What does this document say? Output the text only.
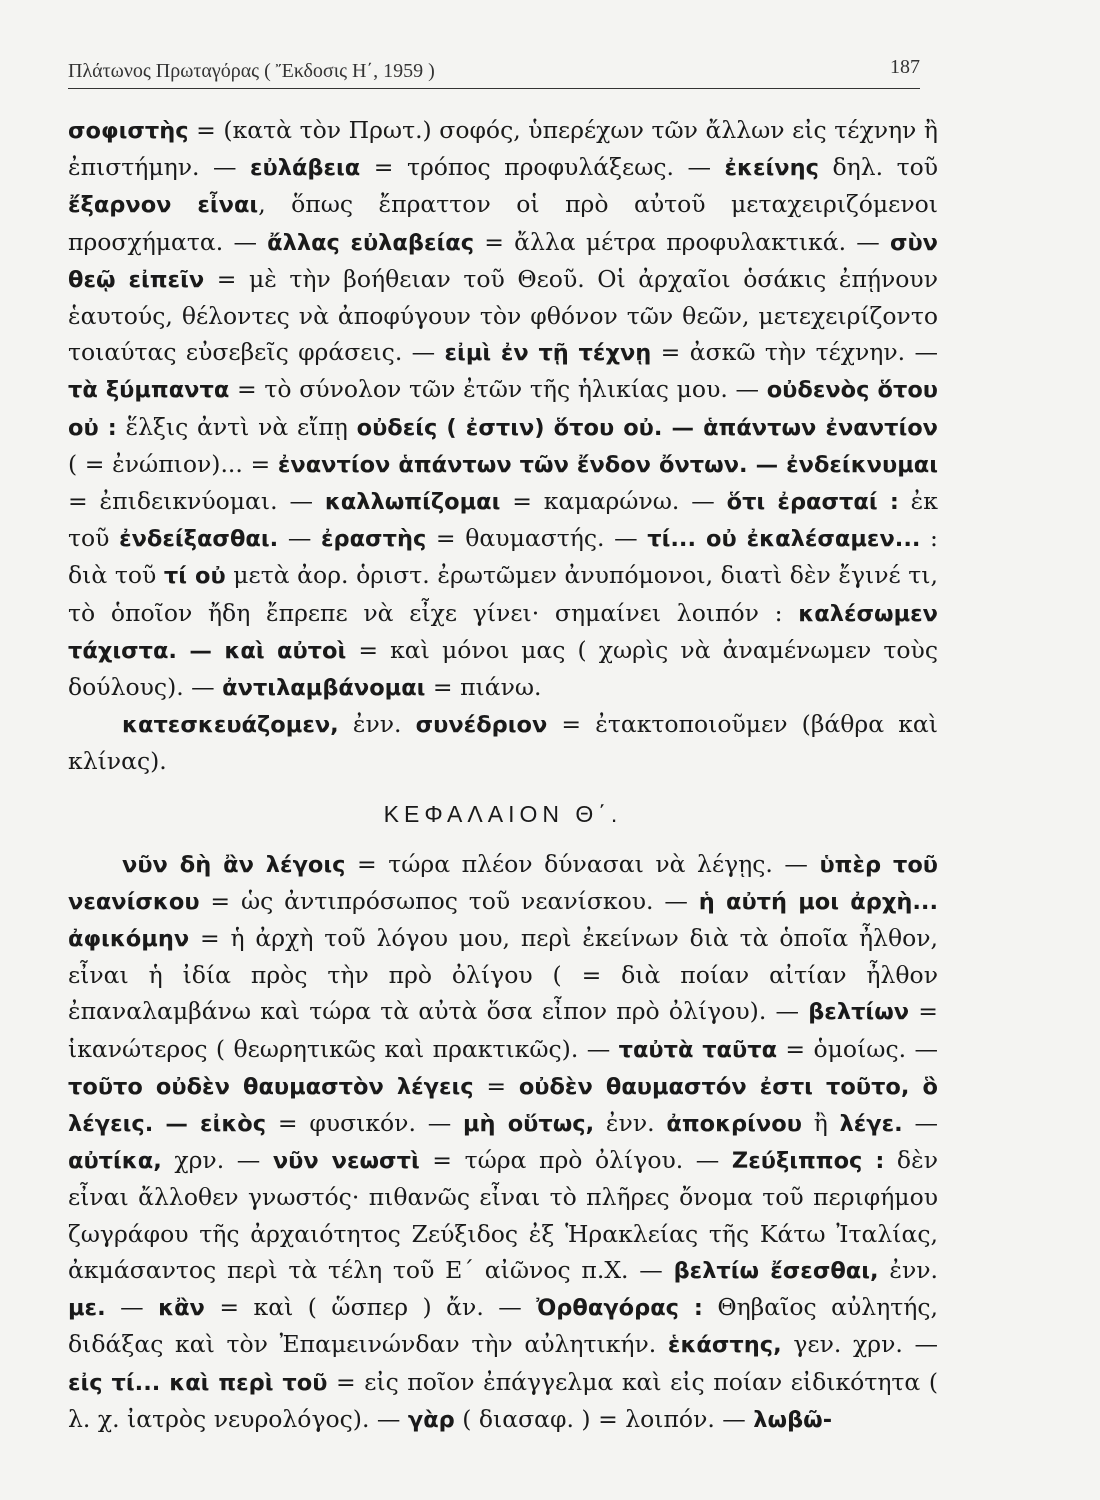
Πλάτωνος Πρωταγόρας ( Ἔκδοσις Η΄, 1959 )	187

σοφιστὴς = (κατὰ τὸν Πρωτ.) σοφός, ὑπερέχων τῶν ἄλλων εἰς τέχνην ἢ ἐπιστήμην. — εὐλάβεια = τρόπος προφυλάξεως. — ἐκείνης δηλ. τοῦ ἔξαρνον εἶναι, ὅπως ἔπραττον οἱ πρὸ αὐτοῦ μεταχειριζόμενοι προσχήματα. — ἄλλας εὐλαβείας = ἄλλα μέτρα προφυλακτικά. — σὺν θεῷ εἰπεῖν = μὲ τὴν βοήθειαν τοῦ Θεοῦ. Οἱ ἀρχαῖοι ὁσάκις ἐπῄνουν ἑαυτούς, θέλοντες νὰ ἀποφύγουν τὸν φθόνον τῶν θεῶν, μετεχειρίζοντο τοιαύτας εὐσεβεῖς φράσεις. — εἰμὶ ἐν τῇ τέχνῃ = ἀσκῶ τὴν τέχνην. — τὰ ξύμπαντα = τὸ σύνολον τῶν ἐτῶν τῆς ἡλικίας μου. — οὐδενὸς ὅτου οὐ : ἕλξις ἀντὶ νὰ εἴπῃ οὐδείς ( ἐστιν) ὅτου οὐ. — ἁπάντων ἐναντίον ( = ἐνώπιον)... = ἐναντίον ἁπάντων τῶν ἔνδον ὄντων. — ἐνδείκνυμαι = ἐπιδεικνύομαι. — καλλωπίζομαι = καμαρώνω. — ὅτι ἐρασταί : ἐκ τοῦ ἐνδείξασθαι. — ἐραστὴς = θαυμαστής. — τί... οὐ ἐκαλέσαμεν... : διὰ τοῦ τί οὐ μετὰ ἀορ. ὁριστ. ἐρωτῶμεν ἀνυπόμονοι, διατὶ δὲν ἔγινέ τι, τὸ ὁποῖον ἤδη ἔπρεπε νὰ εἶχε γίνει· σημαίνει λοιπόν : καλέσωμεν τάχιστα. — καὶ αὐτοὶ = καὶ μόνοι μας ( χωρὶς νὰ ἀναμένωμεν τοὺς δούλους). — ἀντιλαμβάνομαι = πιάνω.

κατεσκευάζομεν, ἐνν. συνέδριον = ἐτακτοποιοῦμεν (βάθρα καὶ κλίνας).

ΚΕΦΑΛΑΙΟΝ Θ΄.

νῦν δὴ ἂν λέγοις = τώρα πλέον δύνασαι νὰ λέγῃς. — ὑπὲρ τοῦ νεανίσκου = ὡς ἀντιπρόσωπος τοῦ νεανίσκου. — ἡ αὐτή μοι ἀρχὴ... ἀφικόμην = ἡ ἀρχὴ τοῦ λόγου μου, περὶ ἐκείνων διὰ τὰ ὁποῖα ἦλθον, εἶναι ἡ ἰδία πρὸς τὴν πρὸ ὀλίγου ( = διὰ ποίαν αἰτίαν ἦλθον ἐπαναλαμβάνω καὶ τώρα τὰ αὐτὰ ὅσα εἶπον πρὸ ὀλίγου). — βελτίων = ἱκανώτερος ( θεωρητικῶς καὶ πρακτικῶς). — ταὐτὰ ταῦτα = ὁμοίως. — τοῦτο οὐδὲν θαυμαστὸν λέγεις = οὐδὲν θαυμαστόν ἐστι τοῦτο, ὃ λέγεις. — εἰκὸς = φυσικόν. — μὴ οὕτως, ἐνν. ἀποκρίνου ἢ λέγε. — αὐτίκα, χρν. — νῦν νεωστὶ = τώρα πρὸ ὀλίγου. — Ζεύξιππος : δὲν εἶναι ἄλλοθεν γνωστός· πιθανῶς εἶναι τὸ πλῆρες ὄνομα τοῦ περιφήμου ζωγράφου τῆς ἀρχαιότητος Ζεύξιδος ἐξ Ἡρακλείας τῆς Κάτω Ἰταλίας, ἀκμάσαντος περὶ τὰ τέλη τοῦ Ε΄ αἰῶνος π.Χ. — βελτίω ἔσεσθαι, ἐνν. με. — κἂν = καὶ ( ὥσπερ ) ἄν. — Ὀρθαγόρας : Θηβαῖος αὐλητής, διδάξας καὶ τὸν Ἐπαμεινώνδαν τὴν αὐλητικήν. ἑκάστης, γεν. χρν. — εἰς τί... καὶ περὶ τοῦ = εἰς ποῖον ἐπάγγελμα καὶ εἰς ποίαν εἰδικότητα ( λ. χ. ἰατρὸς νευρολόγος). — γὰρ ( διασαφ. ) = λοιπόν. — λωβῶ-
